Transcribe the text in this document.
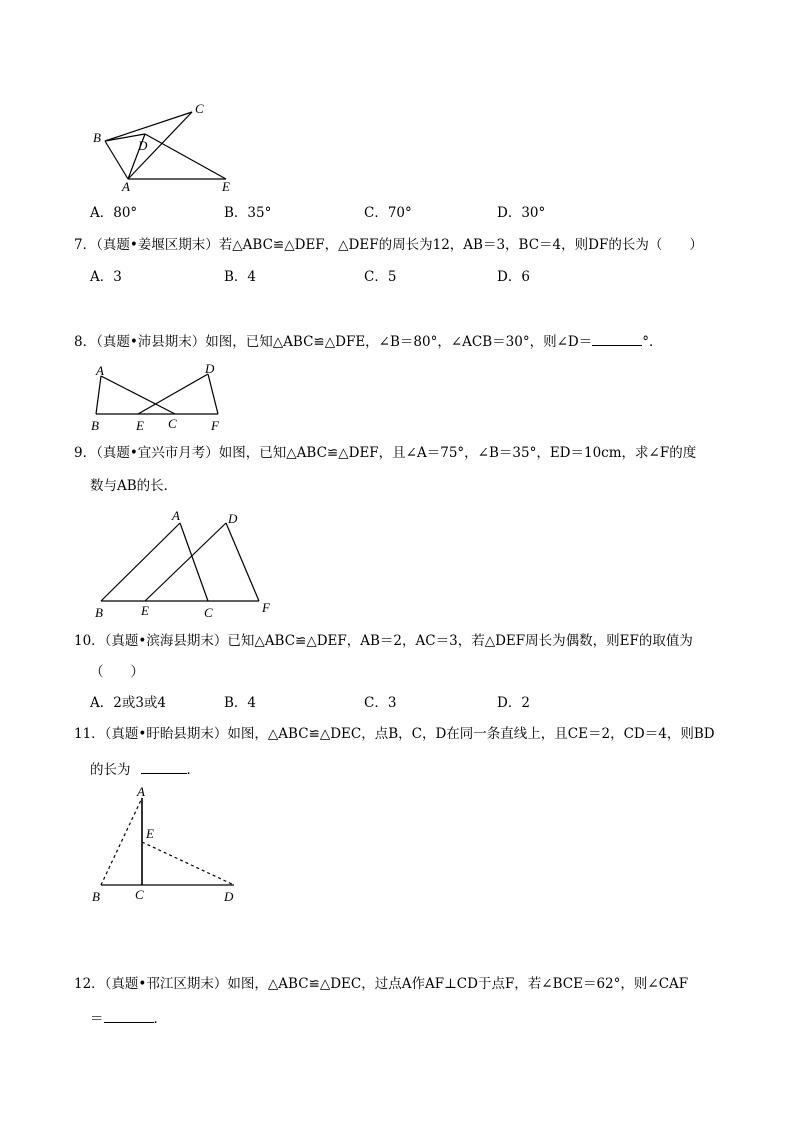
B
C
D
A	E
A．80°	B．35°	C．70°	D．30°
7．（真题•姜堰区期末）若△ABC≌△DEF，△DEF的周长为12，AB＝3，BC＝4，则DF的长为（　　）
A．3	B．4	C．5	D．6
8．（真题•沛县期末）如图，已知△ABC≌△DFE，∠B＝80°，∠ACB＝30°，则∠D＝	°．
A	D
B	E C	F
9．（真题•宜兴市月考）如图，已知△ABC≌△DEF，且∠A＝75°，∠B＝35°，ED＝10cm，求∠F的度
数与AB的长．
A	D
B	E	C	F
10．（真题•滨海县期末）已知△ABC≌△DEF，AB＝2，AC＝3，若△DEF周长为偶数，则EF的取值为
（　　）
A．2或3或4	B．4	C．3	D．2
11．（真题•盱眙县期末）如图，△ABC≌△DEC，点B，C，D在同一条直线上，且CE＝2，CD＝4，则BD
的长为	．
A
E
B	C	D
12．（真题•邗江区期末）如图，△ABC≌△DEC，过点A作AF⊥CD于点F，若∠BCE＝62°，则∠CAF
＝	．
